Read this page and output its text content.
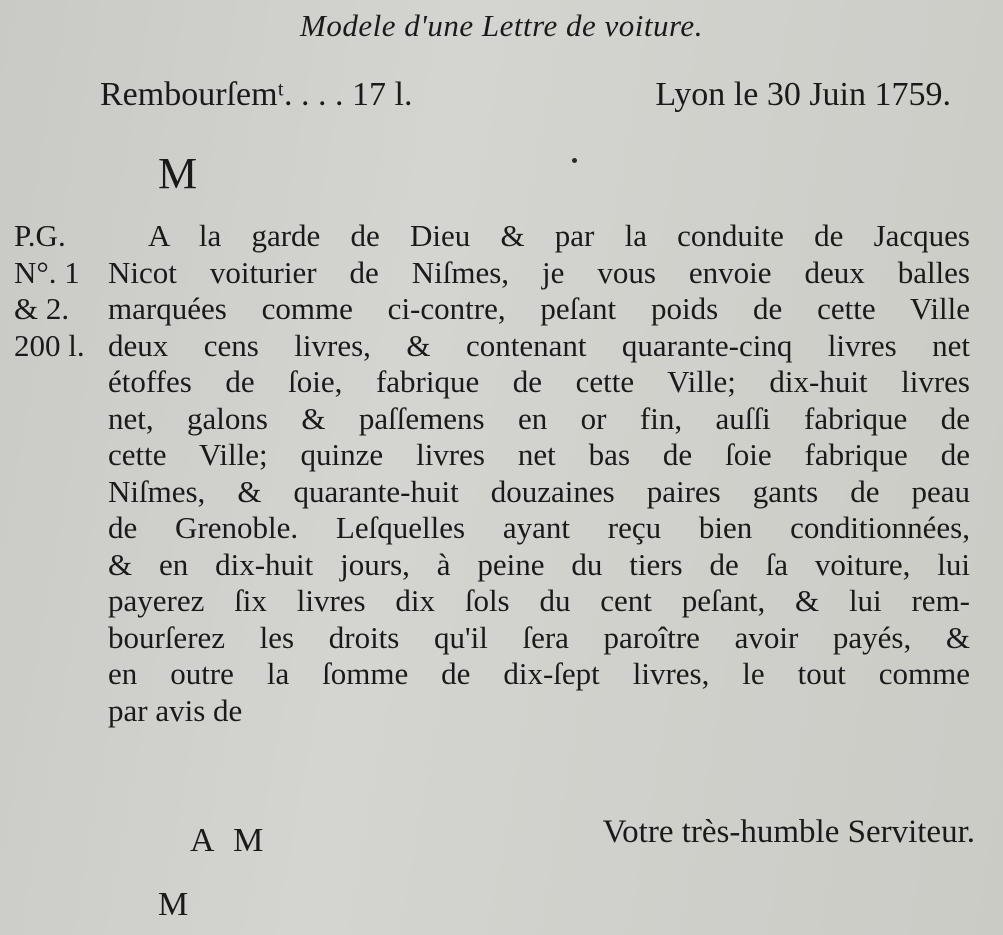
Modele d'une Lettre de voiture.
Rembourſemᵗ. . . . 17 l.	Lyon le 30 Juin 1759.
M
P.G.
N°. 1
& 2.
200 l.
A la garde de Dieu & par la conduite de Jacques
Nicot voiturier de Niſmes, je vous envoie deux balles
marquées comme ci-contre, peſant poids de cette Ville
deux cens livres, & contenant quarante-cinq livres net
étoffes de ſoie, fabrique de cette Ville; dix-huit livres
net, galons & paſſemens en or fin, auſſi fabrique de
cette Ville; quinze livres net bas de ſoie fabrique de
Niſmes, & quarante-huit douzaines paires gants de peau
de Grenoble. Leſquelles ayant reçu bien conditionnées,
& en dix-huit jours, à peine du tiers de ſa voiture, lui
payerez ſix livres dix ſols du cent peſant, & lui rem-
bourſerez les droits qu'il ſera paroître avoir payés, &
en outre la ſomme de dix-ſept livres, le tout comme
par avis de
A M	Votre très-humble Serviteur.
M
